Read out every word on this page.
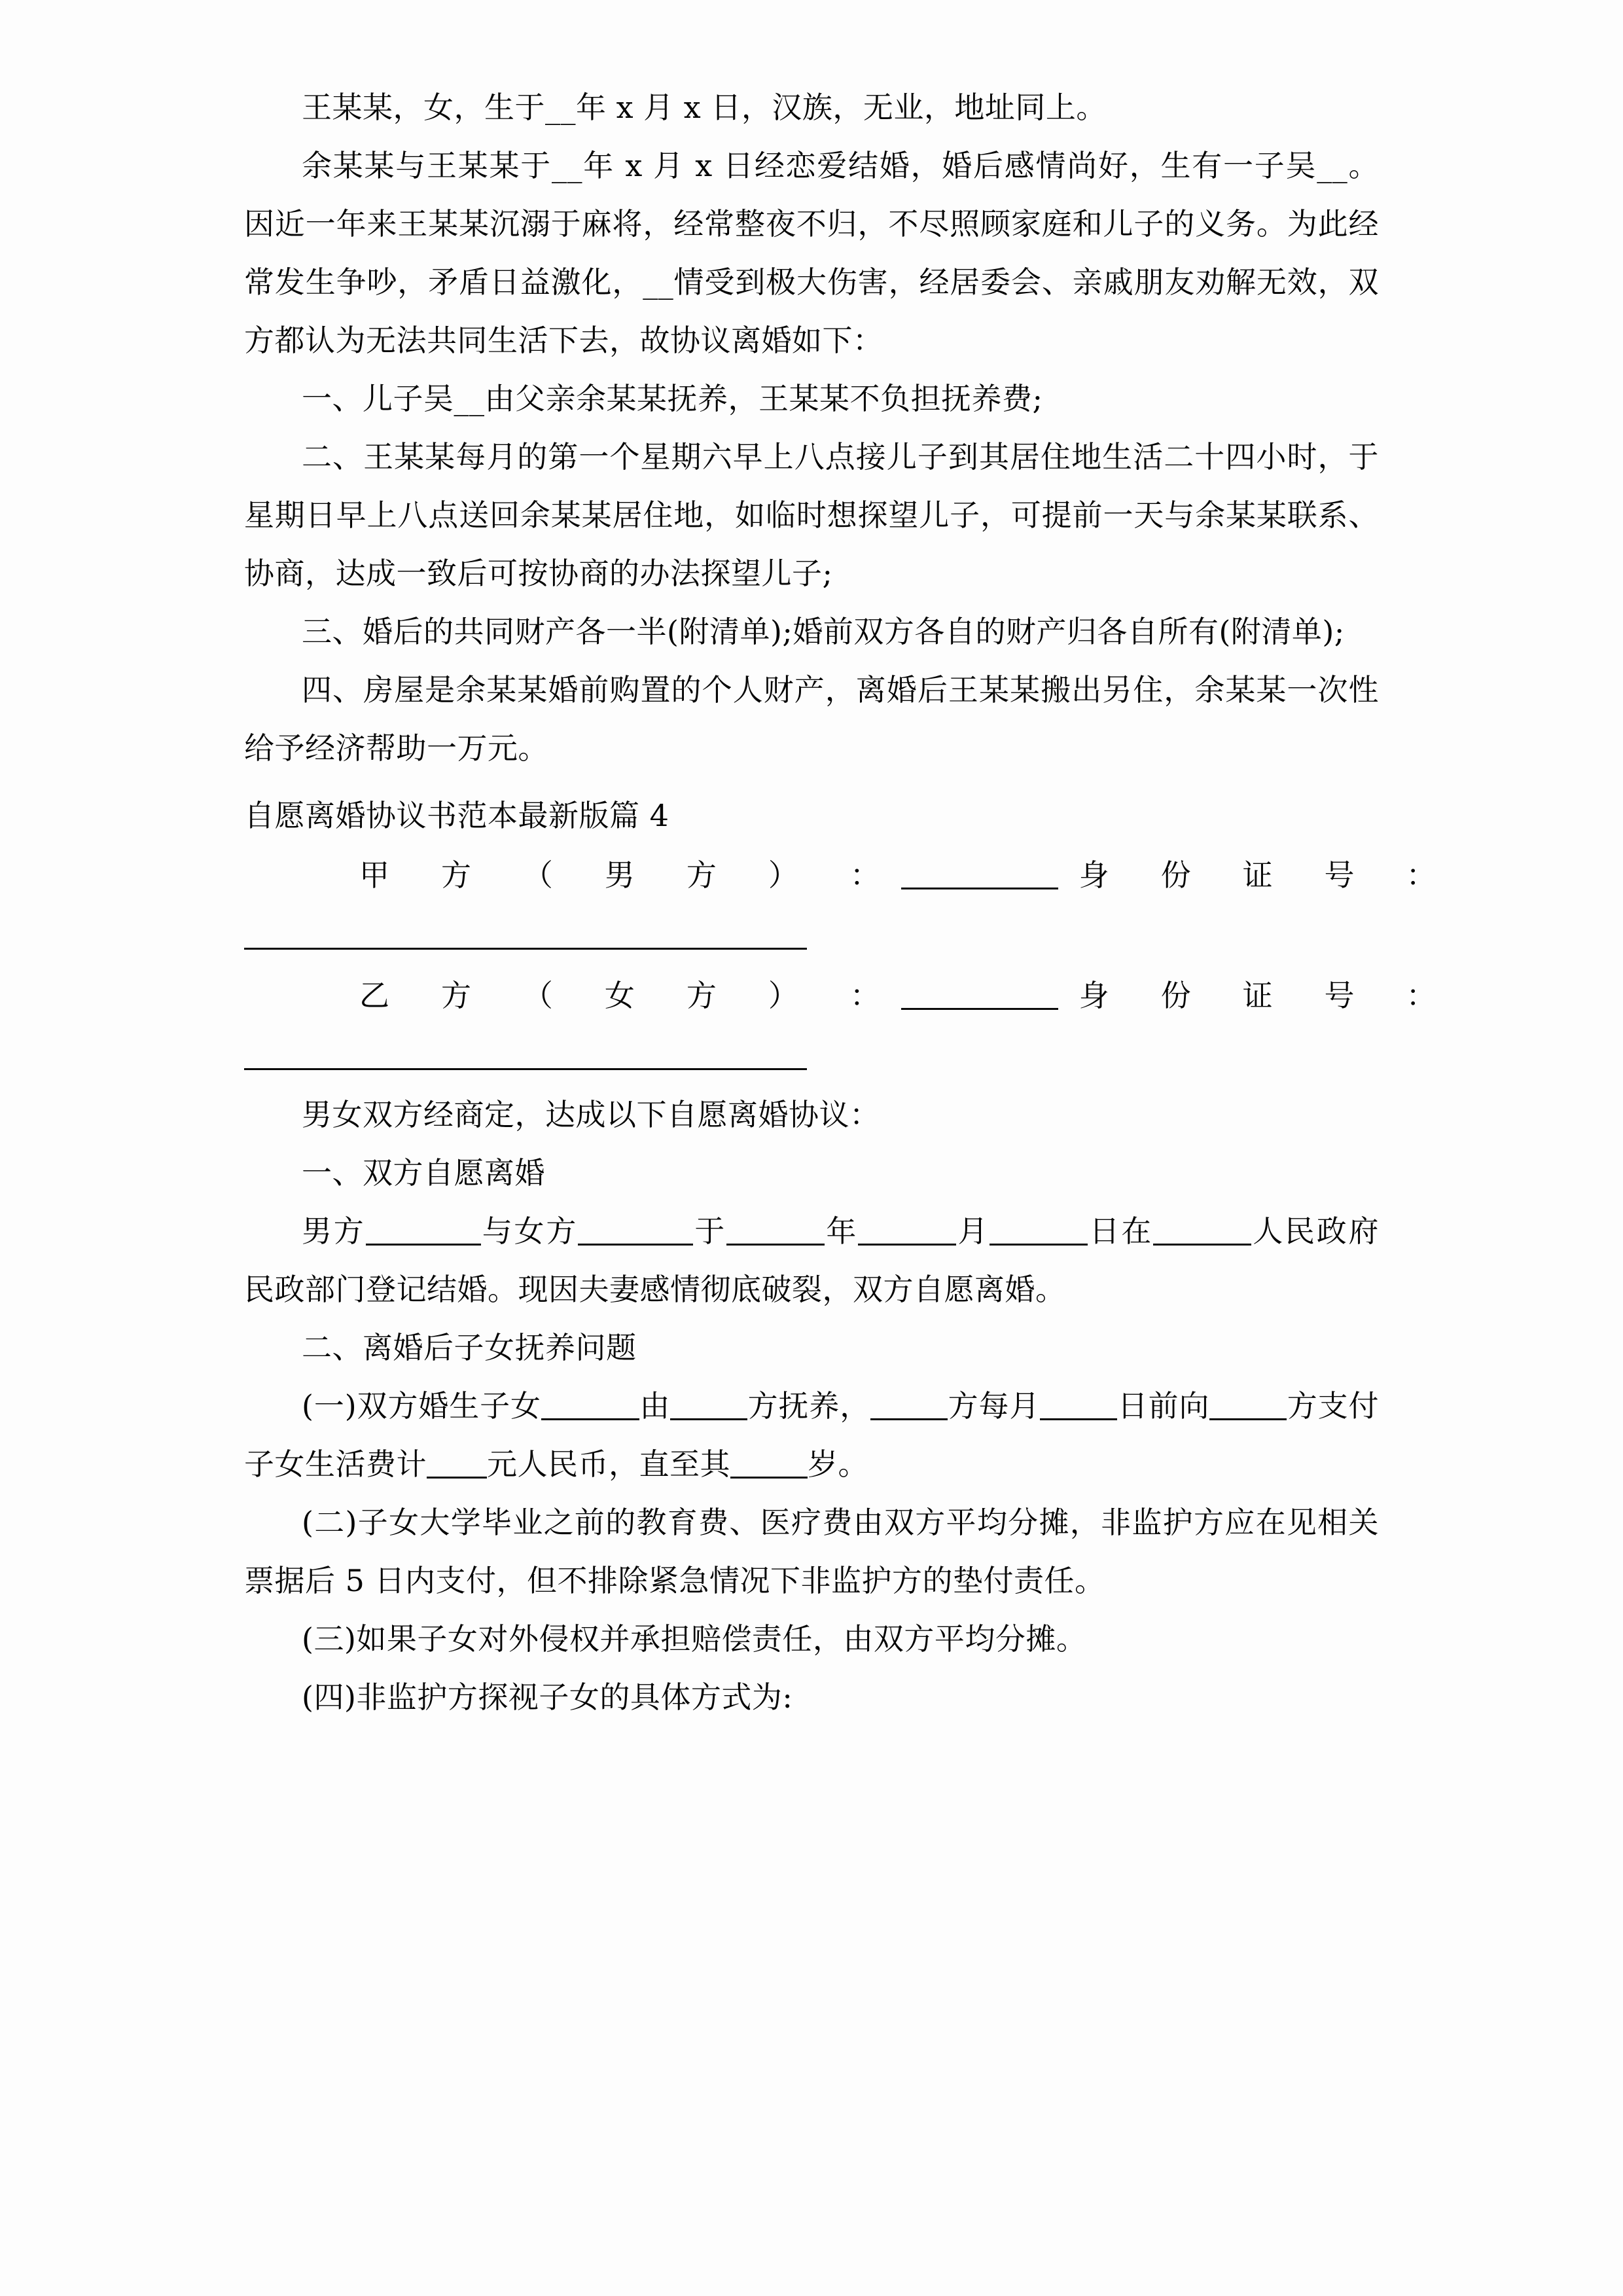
王某某，女，生于__年 x 月 x 日，汉族，无业，地址同上。

余某某与王某某于__年 x 月 x 日经恋爱结婚，婚后感情尚好，生有一子吴__。因近一年来王某某沉溺于麻将，经常整夜不归，不尽照顾家庭和儿子的义务。为此经常发生争吵，矛盾日益激化，__情受到极大伤害，经居委会、亲戚朋友劝解无效，双方都认为无法共同生活下去，故协议离婚如下：

一、儿子吴__由父亲余某某抚养，王某某不负担抚养费;

二、王某某每月的第一个星期六早上八点接儿子到其居住地生活二十四小时，于星期日早上八点送回余某某居住地，如临时想探望儿子，可提前一天与余某某联系、协商，达成一致后可按协商的办法探望儿子;

三、婚后的共同财产各一半(附清单);婚前双方各自的财产归各自所有(附清单);

四、房屋是余某某婚前购置的个人财产，离婚后王某某搬出另住，余某某一次性给予经济帮助一万元。

自愿离婚协议书范本最新版篇 4

甲 方 （ 男 方 ） ：	身 份 证 号 ：
乙 方 （ 女 方 ） ：	身 份 证 号 ：

男女双方经商定，达成以下自愿离婚协议：

一、双方自愿离婚

男方	与女方	于	年	月	日在	人民政府民政部门登记结婚。现因夫妻感情彻底破裂，双方自愿离婚。

二、离婚后子女抚养问题

(一)双方婚生子女	由	方抚养，	方每月	日前向	方支付子女生活费计 元人民币，直至其	岁。

(二)子女大学毕业之前的教育费、医疗费由双方平均分摊，非监护方应在见相关票据后 5 日内支付，但不排除紧急情况下非监护方的垫付责任。

(三)如果子女对外侵权并承担赔偿责任，由双方平均分摊。

(四)非监护方探视子女的具体方式为:
